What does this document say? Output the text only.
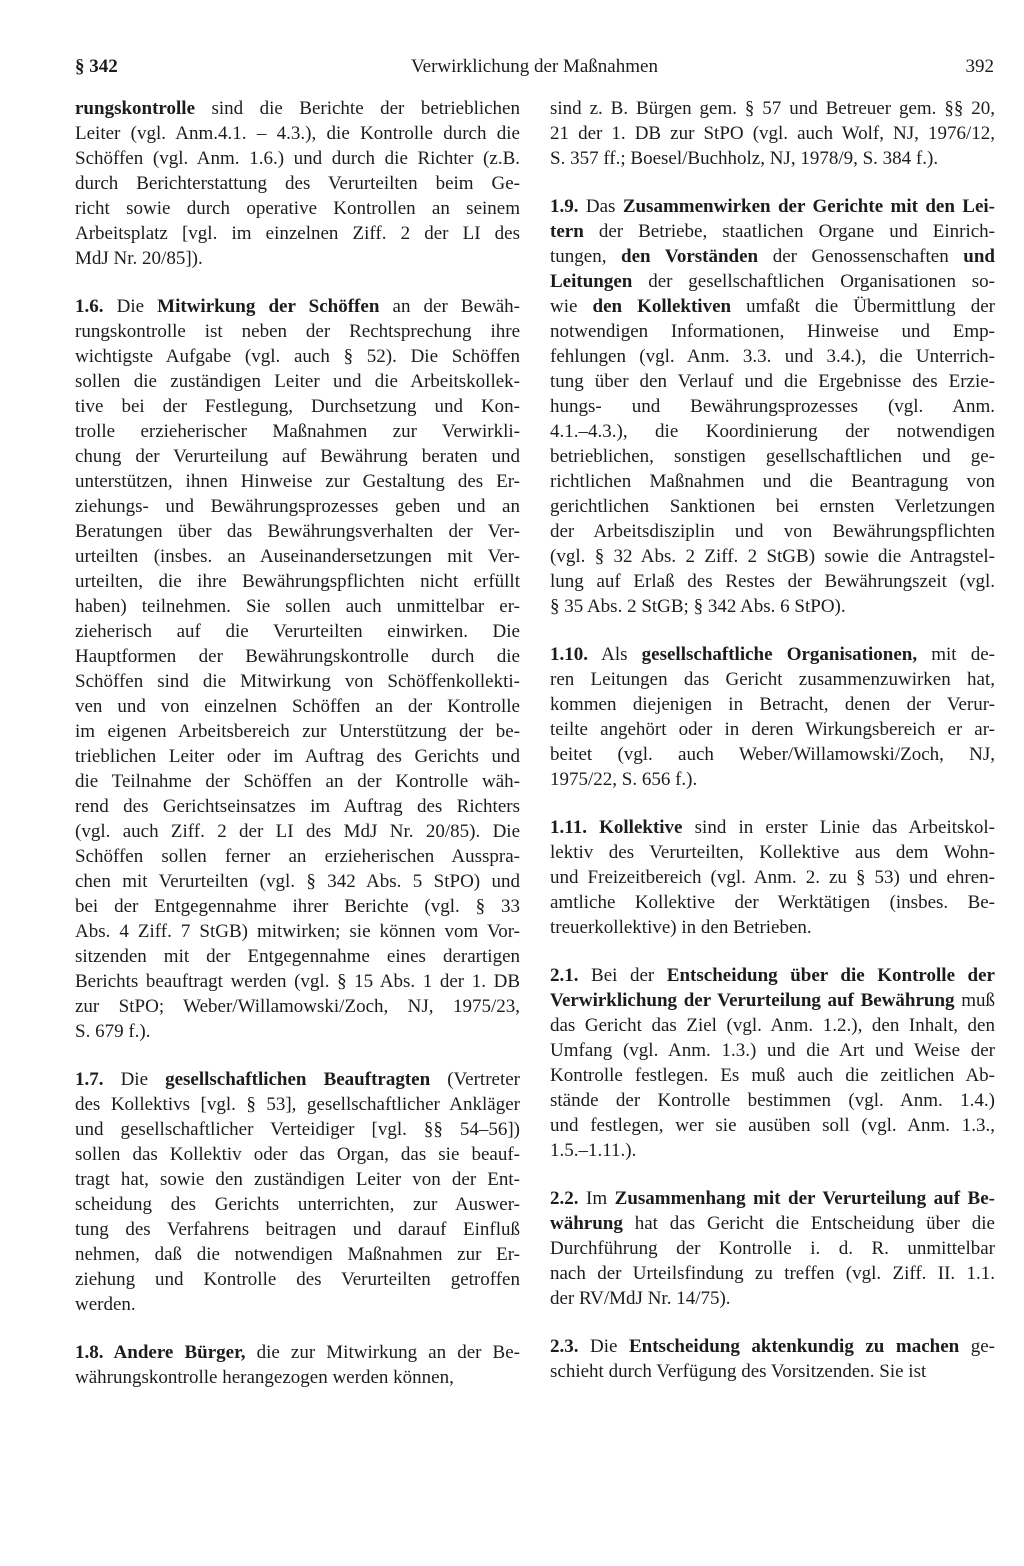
§ 342	Verwirklichung der Maßnahmen	392
rungskontrolle sind die Berichte der betrieblichen
Leiter (vgl. Anm.4.1. – 4.3.), die Kontrolle durch die
Schöffen (vgl. Anm. 1.6.) und durch die Richter (z.B.
durch Berichterstattung des Verurteilten beim Ge-
richt sowie durch operative Kontrollen an seinem
Arbeitsplatz [vgl. im einzelnen Ziff. 2 der LI des
MdJ Nr. 20/85]).
1.6. Die Mitwirkung der Schöffen an der Bewäh-
rungskontrolle ist neben der Rechtsprechung ihre
wichtigste Aufgabe (vgl. auch § 52). Die Schöffen
sollen die zuständigen Leiter und die Arbeitskollek-
tive bei der Festlegung, Durchsetzung und Kon-
trolle erzieherischer Maßnahmen zur Verwirkli-
chung der Verurteilung auf Bewährung beraten und
unterstützen, ihnen Hinweise zur Gestaltung des Er-
ziehungs- und Bewährungsprozesses geben und an
Beratungen über das Bewährungsverhalten der Ver-
urteilten (insbes. an Auseinandersetzungen mit Ver-
urteilten, die ihre Bewährungspflichten nicht erfüllt
haben) teilnehmen. Sie sollen auch unmittelbar er-
zieherisch auf die Verurteilten einwirken. Die
Hauptformen der Bewährungskontrolle durch die
Schöffen sind die Mitwirkung von Schöffenkollekti-
ven und von einzelnen Schöffen an der Kontrolle
im eigenen Arbeitsbereich zur Unterstützung der be-
trieblichen Leiter oder im Auftrag des Gerichts und
die Teilnahme der Schöffen an der Kontrolle wäh-
rend des Gerichtseinsatzes im Auftrag des Richters
(vgl. auch Ziff. 2 der LI des MdJ Nr. 20/85). Die
Schöffen sollen ferner an erzieherischen Ausspra-
chen mit Verurteilten (vgl. § 342 Abs. 5 StPO) und
bei der Entgegennahme ihrer Berichte (vgl. § 33
Abs. 4 Ziff. 7 StGB) mitwirken; sie können vom Vor-
sitzenden mit der Entgegennahme eines derartigen
Berichts beauftragt werden (vgl. § 15 Abs. 1 der 1. DB
zur StPO; Weber/Willamowski/Zoch, NJ, 1975/23,
S. 679 f.).
1.7. Die gesellschaftlichen Beauftragten (Vertreter
des Kollektivs [vgl. § 53], gesellschaftlicher Ankläger
und gesellschaftlicher Verteidiger [vgl. §§ 54–56])
sollen das Kollektiv oder das Organ, das sie beauf-
tragt hat, sowie den zuständigen Leiter von der Ent-
scheidung des Gerichts unterrichten, zur Auswer-
tung des Verfahrens beitragen und darauf Einfluß
nehmen, daß die notwendigen Maßnahmen zur Er-
ziehung und Kontrolle des Verurteilten getroffen
werden.
1.8. Andere Bürger, die zur Mitwirkung an der Be-
währungskontrolle herangezogen werden können,
sind z. B. Bürgen gem. § 57 und Betreuer gem. §§ 20,
21 der 1. DB zur StPO (vgl. auch Wolf, NJ, 1976/12,
S. 357 ff.; Boesel/Buchholz, NJ, 1978/9, S. 384 f.).
1.9. Das Zusammenwirken der Gerichte mit den Lei-
tern der Betriebe, staatlichen Organe und Einrich-
tungen, den Vorständen der Genossenschaften und
Leitungen der gesellschaftlichen Organisationen so-
wie den Kollektiven umfaßt die Übermittlung der
notwendigen Informationen, Hinweise und Emp-
fehlungen (vgl. Anm. 3.3. und 3.4.), die Unterrich-
tung über den Verlauf und die Ergebnisse des Erzie-
hungs- und Bewährungsprozesses (vgl. Anm.
4.1.–4.3.), die Koordinierung der notwendigen
betrieblichen, sonstigen gesellschaftlichen und ge-
richtlichen Maßnahmen und die Beantragung von
gerichtlichen Sanktionen bei ernsten Verletzungen
der Arbeitsdisziplin und von Bewährungspflichten
(vgl. § 32 Abs. 2 Ziff. 2 StGB) sowie die Antragstel-
lung auf Erlaß des Restes der Bewährungszeit (vgl.
§ 35 Abs. 2 StGB; § 342 Abs. 6 StPO).
1.10. Als gesellschaftliche Organisationen, mit de-
ren Leitungen das Gericht zusammenzuwirken hat,
kommen diejenigen in Betracht, denen der Verur-
teilte angehört oder in deren Wirkungsbereich er ar-
beitet (vgl. auch Weber/Willamowski/Zoch, NJ,
1975/22, S. 656 f.).
1.11. Kollektive sind in erster Linie das Arbeitskol-
lektiv des Verurteilten, Kollektive aus dem Wohn-
und Freizeitbereich (vgl. Anm. 2. zu § 53) und ehren-
amtliche Kollektive der Werktätigen (insbes. Be-
treuerkollektive) in den Betrieben.
2.1. Bei der Entscheidung über die Kontrolle der
Verwirklichung der Verurteilung auf Bewährung muß
das Gericht das Ziel (vgl. Anm. 1.2.), den Inhalt, den
Umfang (vgl. Anm. 1.3.) und die Art und Weise der
Kontrolle festlegen. Es muß auch die zeitlichen Ab-
stände der Kontrolle bestimmen (vgl. Anm. 1.4.)
und festlegen, wer sie ausüben soll (vgl. Anm. 1.3.,
1.5.–1.11.).
2.2. Im Zusammenhang mit der Verurteilung auf Be-
währung hat das Gericht die Entscheidung über die
Durchführung der Kontrolle i. d. R. unmittelbar
nach der Urteilsfindung zu treffen (vgl. Ziff. II. 1.1.
der RV/MdJ Nr. 14/75).
2.3. Die Entscheidung aktenkundig zu machen ge-
schieht durch Verfügung des Vorsitzenden. Sie ist
